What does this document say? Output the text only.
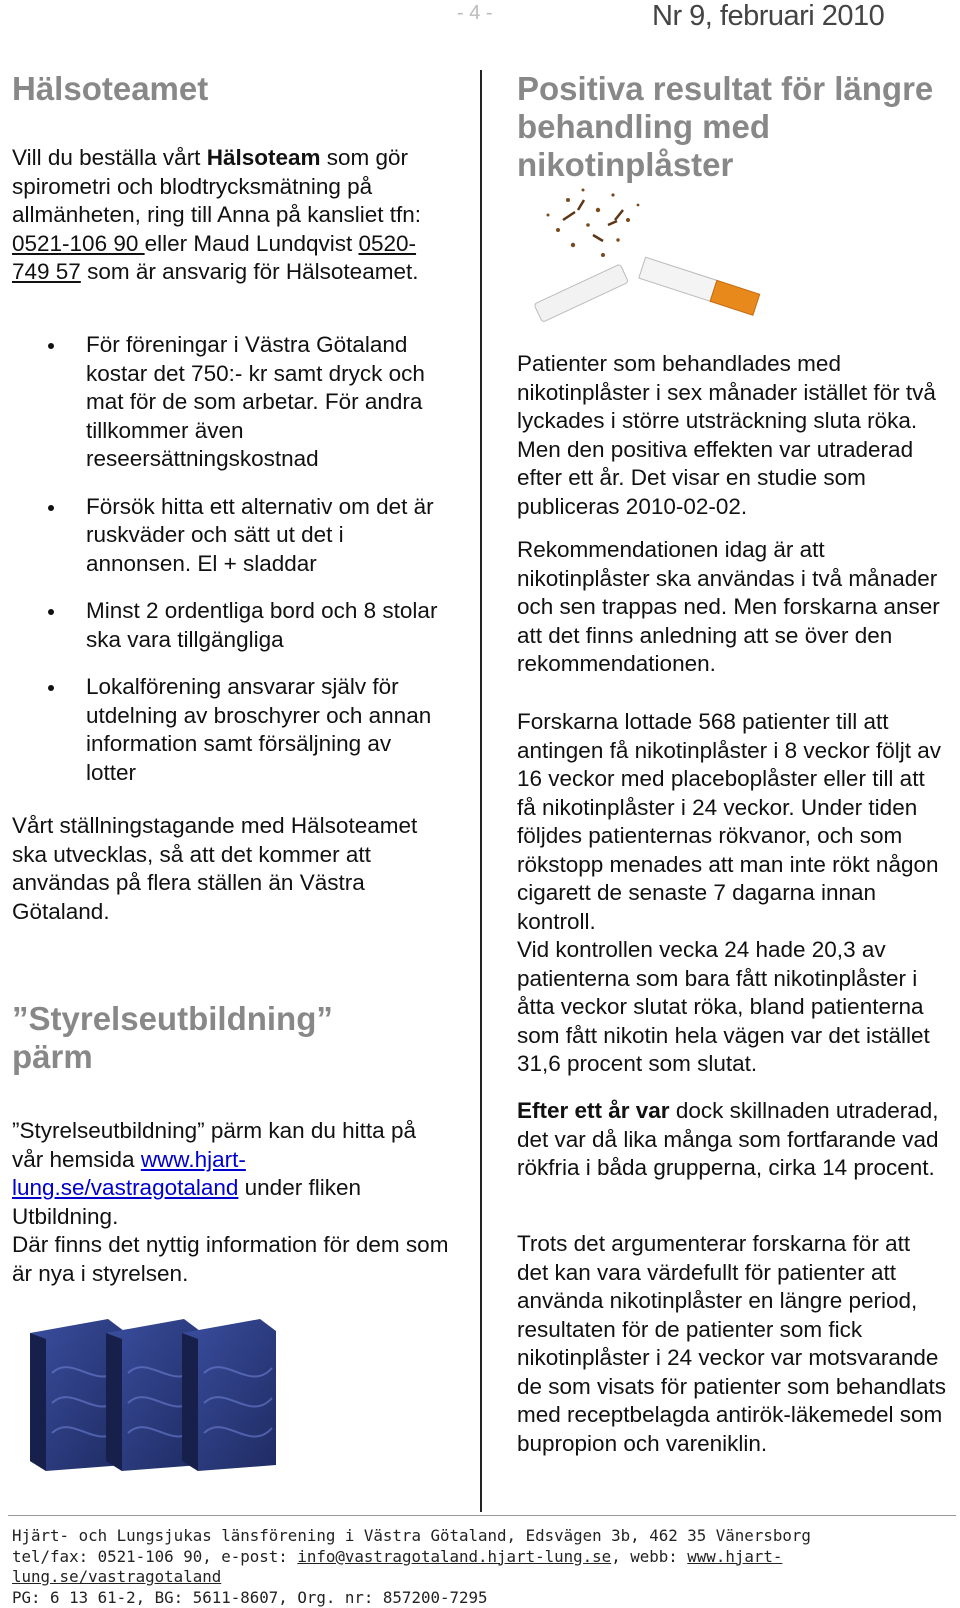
- 4 -	Nr 9, februari 2010
Hälsoteamet

Vill du beställa vårt Hälsoteam som gör spirometri och blodtrycksmätning på allmänheten, ring till Anna på kansliet tfn: 0521-106 90 eller Maud Lundqvist 0520-749 57 som är ansvarig för Hälsoteamet.

För föreningar i Västra Götaland kostar det 750:- kr samt dryck och mat för de som arbetar. För andra tillkommer även reseersättningskostnad
Försök hitta ett alternativ om det är ruskväder och sätt ut det i annonsen. El + sladdar
Minst 2 ordentliga bord och 8 stolar ska vara tillgängliga
Lokalförening ansvarar själv för utdelning av broschyrer och annan information samt försäljning av lotter

Vårt ställningstagande med Hälsoteamet ska utvecklas, så att det kommer att användas på flera ställen än Västra Götaland.

”Styrelseutbildning” pärm

”Styrelseutbildning” pärm kan du hitta på vår hemsida www.hjart-lung.se/vastragotaland under fliken Utbildning.
Där finns det nyttig information för dem som är nya i styrelsen.

Positiva resultat för längre behandling med nikotinplåster

Patienter som behandlades med nikotinplåster i sex månader istället för två lyckades i större utsträckning sluta röka. Men den positiva effekten var utraderad efter ett år. Det visar en studie som publiceras 2010-02-02.

Rekommendationen idag är att nikotinplåster ska användas i två månader och sen trappas ned. Men forskarna anser att det finns anledning att se över den rekommendationen.

Forskarna lottade 568 patienter till att antingen få nikotinplåster i 8 veckor följt av 16 veckor med placeboplåster eller till att få nikotinplåster i 24 veckor. Under tiden följdes patienternas rökvanor, och som rökstopp menades att man inte rökt någon cigarett de senaste 7 dagarna innan kontroll.
Vid kontrollen vecka 24 hade 20,3 av patienterna som bara fått nikotinplåster i åtta veckor slutat röka, bland patienterna som fått nikotin hela vägen var det istället 31,6 procent som slutat.

Efter ett år var dock skillnaden utraderad, det var då lika många som fortfarande vad rökfria i båda grupperna, cirka 14 procent.

Trots det argumenterar forskarna för att det kan vara värdefullt för patienter att använda nikotinplåster en längre period, resultaten för de patienter som fick nikotinplåster i 24 veckor var motsvarande de som visats för patienter som behandlats med receptbelagda antirök-läkemedel som bupropion och vareniklin.

Hjärt- och Lungsjukas länsförening i Västra Götaland, Edsvägen 3b, 462 35 Vänersborg
tel/fax: 0521-106 90, e-post: info@vastragotaland.hjart-lung.se, webb: www.hjart-lung.se/vastragotaland
PG: 6 13 61-2, BG: 5611-8607, Org. nr: 857200-7295
